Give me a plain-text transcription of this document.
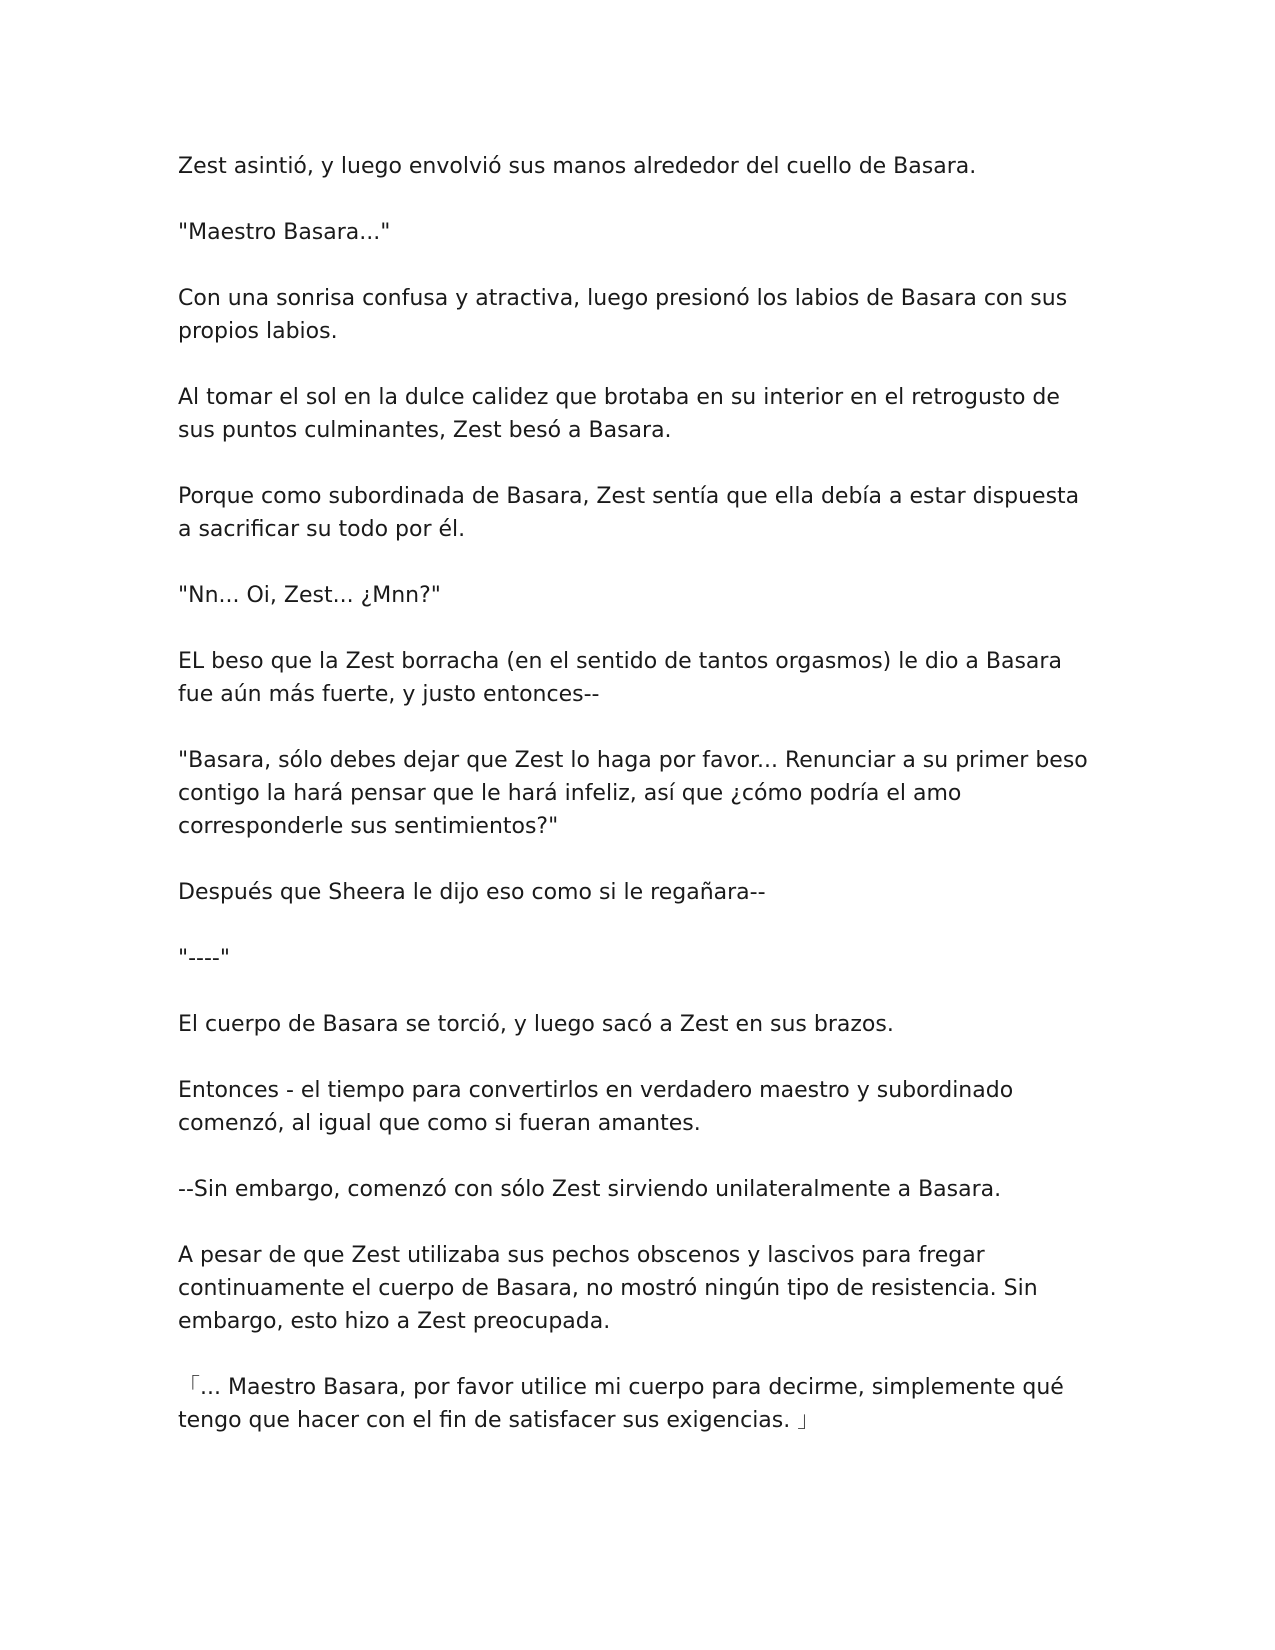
Zest asintió, y luego envolvió sus manos alrededor del cuello de Basara.

"Maestro Basara..."

Con una sonrisa confusa y atractiva, luego presionó los labios de Basara con sus propios labios.

Al tomar el sol en la dulce calidez que brotaba en su interior en el retrogusto de sus puntos culminantes, Zest besó a Basara.

Porque como subordinada de Basara, Zest sentía que ella debía a estar dispuesta a sacrificar su todo por él.

"Nn... Oi, Zest... ¿Mnn?"

EL beso que la Zest borracha (en el sentido de tantos orgasmos) le dio a Basara fue aún más fuerte, y justo entonces--

"Basara, sólo debes dejar que Zest lo haga por favor... Renunciar a su primer beso contigo la hará pensar que le hará infeliz, así que ¿cómo podría el amo corresponderle sus sentimientos?"

Después que Sheera le dijo eso como si le regañara--

"----"

El cuerpo de Basara se torció, y luego sacó a Zest en sus brazos.

Entonces - el tiempo para convertirlos en verdadero maestro y subordinado comenzó, al igual que como si fueran amantes.

--Sin embargo, comenzó con sólo Zest sirviendo unilateralmente a Basara.

A pesar de que Zest utilizaba sus pechos obscenos y lascivos para fregar continuamente el cuerpo de Basara, no mostró ningún tipo de resistencia. Sin embargo, esto hizo a Zest preocupada.

「... Maestro Basara, por favor utilice mi cuerpo para decirme, simplemente qué tengo que hacer con el fin de satisfacer sus exigencias. 」
